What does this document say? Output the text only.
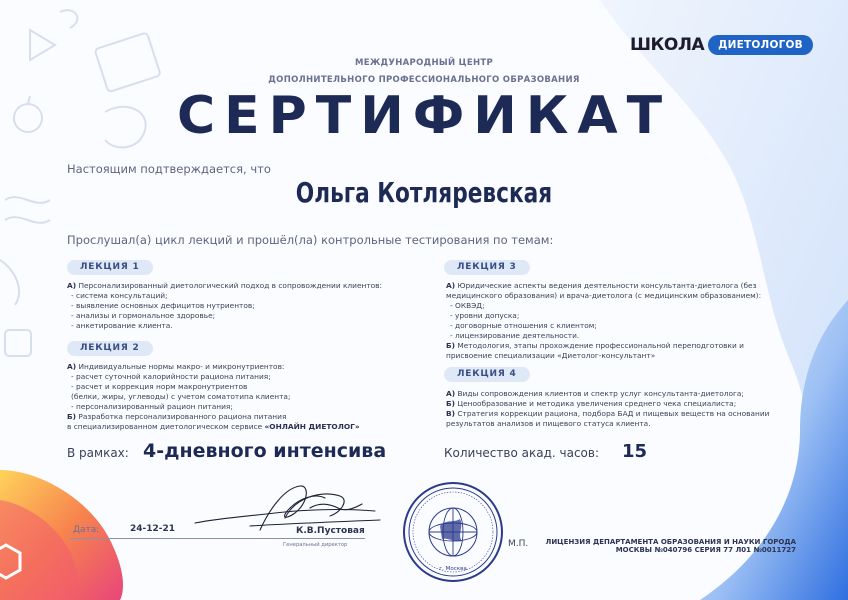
ШКОЛА	ДИЕТОЛОГОВ
МЕЖДУНАРОДНЫЙ ЦЕНТР
ДОПОЛНИТЕЛЬНОГО ПРОФЕССИОНАЛЬНОГО ОБРАЗОВАНИЯ
СЕРТИФИКАТ
Настоящим подтверждается, что
Ольга Котляревская
Прослушал(а) цикл лекций и прошёл(ла) контрольные тестирования по темам:
ЛЕКЦИЯ 1
А) Персонализированный диетологический подход в сопровождении клиентов:
- система консультаций;
- выявление основных дефицитов нутриентов;
- анализы и гормональное здоровье;
- анкетирование клиента.
ЛЕКЦИЯ 2
А) Индивидуальные нормы макро- и микронутриентов:
- расчет суточной калорийности рациона питания;
- расчет и коррекция норм макронутриентов
(белки, жиры, углеводы) с учетом соматотипа клиента;
- персонализированный рацион питания;
Б) Разработка персонализированного рациона питания
в специализированном диетологическом сервисе «ОНЛАЙН ДИЕТОЛОГ»
ЛЕКЦИЯ 3
А) Юридические аспекты ведения деятельности консультанта-диетолога (без
медицинского образования) и врача-диетолога (с медицинским образованием):
- ОКВЭД;
- уровни допуска;
- договорные отношения с клиентом;
- лицензирование деятельности.
Б) Методология, этапы прохождение профессиональной переподготовки и
присвоение специализации «Диетолог-консультант»
ЛЕКЦИЯ 4
А) Виды сопровождения клиентов и спектр услуг консультанта-диетолога;
Б) Ценообразование и методика увеличения среднего чека специалиста;
В) Стратегия коррекции рациона, подбора БАД и пищевых веществ на основании
результатов анализов и пищевого статуса клиента.
В рамках: 4-дневного интенсива	Количество акад. часов: 15
Дата:	24-12-21	К.В.Пустовая
Генеральный директор
г. Москва
М.П.	ЛИЦЕНЗИЯ ДЕПАРТАМЕНТА ОБРАЗОВАНИЯ И НАУКИ ГОРОДА
МОСКВЫ №040796 СЕРИЯ 77 Л01 №0011727
